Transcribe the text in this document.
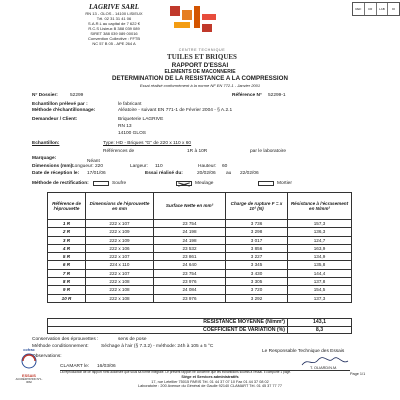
LAGRIVE SARL
RN 13 - GLOS - 14100 LISIEUX
Tél. 02 31 31 41 06
S.A.R.L au capital de 7 622 €
R.C.S Lisieux B 388 039 089
SIRET 388 039 089 00016
Convention Collective : FFTB
NC 57 B 05 - APE 264 A
CENTRE TECHNIQUE
TUILES ET BRIQUES
REF	CR	LAB	DI
RAPPORT D'ESSAI
ELEMENTS DE MACONNERIE
DETERMINATION DE LA RESISTANCE A LA COMPRESSION
Essai réalisé conformément à la norme NF EN 772-1 - Janvier 2001
N° Dossier:	52299	Référence N° 52299-1
Echantillon prélevé par :	le fabricant
Méthode d'échantillonnage:	Aléatoire - suivant EN 771-1 de Février 2004 - § A.2.1
Demandeur / Client:	Briqueterie LAGRIVE
RN 13
14100 GLOS
Echantillon:	Type: HD - Briques "G" de 220 x 110 x 60
Références de	1R à 10R	par le laboratoire
Marquage:
Néant
Dimensions (mm):
Longueur: 220	Largeur: 110	Hauteur: 60
Date de réception le: 17/01/06	Essai réalisé du:	20/02/06 au 22/02/06
Méthode de rectification:	Soufre	Meulage	Mortier
Référence de l'éprouvette	Dimensions de l'éprouvette en mm	Surface Nette en mm²	Charge de rupture F = x 10³ (N)	Résistance à l'écrasement en N/mm²
1 R	222 x 107	23 754	3 736	157,3
2 R	222 x 109	24 198	3 298	136,3
3 R	222 x 109	24 198	3 017	124,7
4 R	222 x 106	23 532	3 856	163,9
5 R	222 x 107	23 861	3 227	134,9
6 R	224 x 110	24 640	3 345	135,8
7 R	222 x 107	23 754	3 430	144,4
8 R	222 x 108	23 976	3 305	137,8
9 R	222 x 108	24 084	3 720	154,5
10 R	222 x 108	23 976	3 292	137,3
RESISTANCE MOYENNE (N/mm²)	143,1
COEFFICIENT DE VARIATION (%)	8,3
Conservation des éprouvettes :	sens de pose
Méthode conditionnement:	Séchage à l'air (§ 7.3.2) - méthode: 24h à 105 ± 5 °C
Observations:
CLAMART le: 16/03/06
Le Responsable Technique des Essais
T. OLIARD/N.M.
cofrac
ESSAIS
ACCRÉDITATION N°1-0062
La reproduction de ce rapport n'est autorisée que sous sa forme intégrale. Le présent rapport ne concerne que les échantillons soumis à l'essai. Il comporte 1 page.	Page 1/1
Siège et Services administratifs
17, rue Letellier 75015 PARIS Tél. 01 44 37 07 10 Fax 01 44 37 08 02
Laboratoire : 200 Avenue du Général de Gaulle 92140 CLAMART Tél. 01 45 37 77 77
